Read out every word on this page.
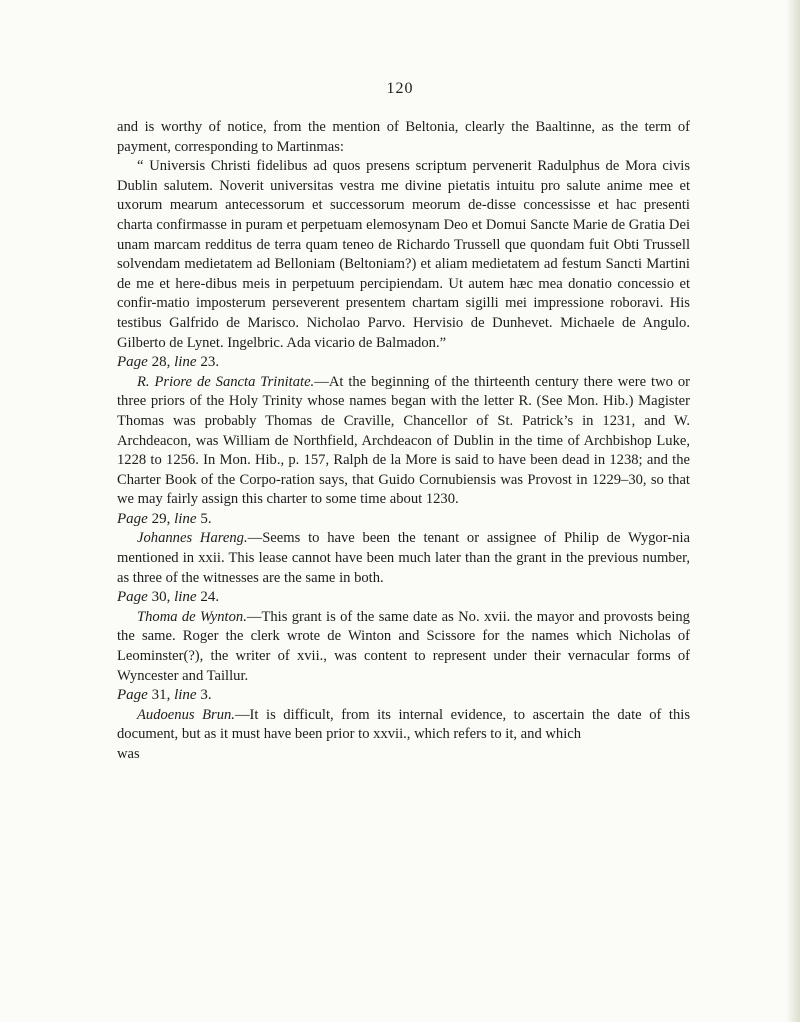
120

and is worthy of notice, from the mention of Beltonia, clearly the Baaltinne, as the term of payment, corresponding to Martinmas:

“ Universis Christi fidelibus ad quos presens scriptum pervenerit Radulphus de Mora civis Dublin salutem. Noverit universitas vestra me divine pietatis intuitu pro salute anime mee et uxorum mearum antecessorum et successorum meorum de-disse concessisse et hac presenti charta confirmasse in puram et perpetuam elemosynam Deo et Domui Sancte Marie de Gratia Dei unam marcam redditus de terra quam teneo de Richardo Trussell que quondam fuit Obti Trussell solvendam medietatem ad Belloniam (Beltoniam?) et aliam medietatem ad festum Sancti Martini de me et here-dibus meis in perpetuum percipiendam. Ut autem hæc mea donatio concessio et confir-matio imposterum perseverent presentem chartam sigilli mei impressione roboravi. His testibus Galfrido de Marisco. Nicholao Parvo. Hervisio de Dunhevet. Michaele de Angulo. Gilberto de Lynet. Ingelbric. Ada vicario de Balmadon.”

Page 28, line 23.

R. Priore de Sancta Trinitate.—At the beginning of the thirteenth century there were two or three priors of the Holy Trinity whose names began with the letter R. (See Mon. Hib.) Magister Thomas was probably Thomas de Craville, Chancellor of St. Patrick’s in 1231, and W. Archdeacon, was William de Northfield, Archdeacon of Dublin in the time of Archbishop Luke, 1228 to 1256. In Mon. Hib., p. 157, Ralph de la More is said to have been dead in 1238; and the Charter Book of the Corpo-ration says, that Guido Cornubiensis was Provost in 1229–30, so that we may fairly assign this charter to some time about 1230.

Page 29, line 5.

Johannes Hareng.—Seems to have been the tenant or assignee of Philip de Wygor-nia mentioned in xxii. This lease cannot have been much later than the grant in the previous number, as three of the witnesses are the same in both.

Page 30, line 24.

Thoma de Wynton.—This grant is of the same date as No. xvii. the mayor and provosts being the same. Roger the clerk wrote de Winton and Scissore for the names which Nicholas of Leominster(?), the writer of xvii., was content to represent under their vernacular forms of Wyncester and Taillur.

Page 31, line 3.

Audoenus Brun.—It is difficult, from its internal evidence, to ascertain the date of this document, but as it must have been prior to xxvii., which refers to it, and which

was
